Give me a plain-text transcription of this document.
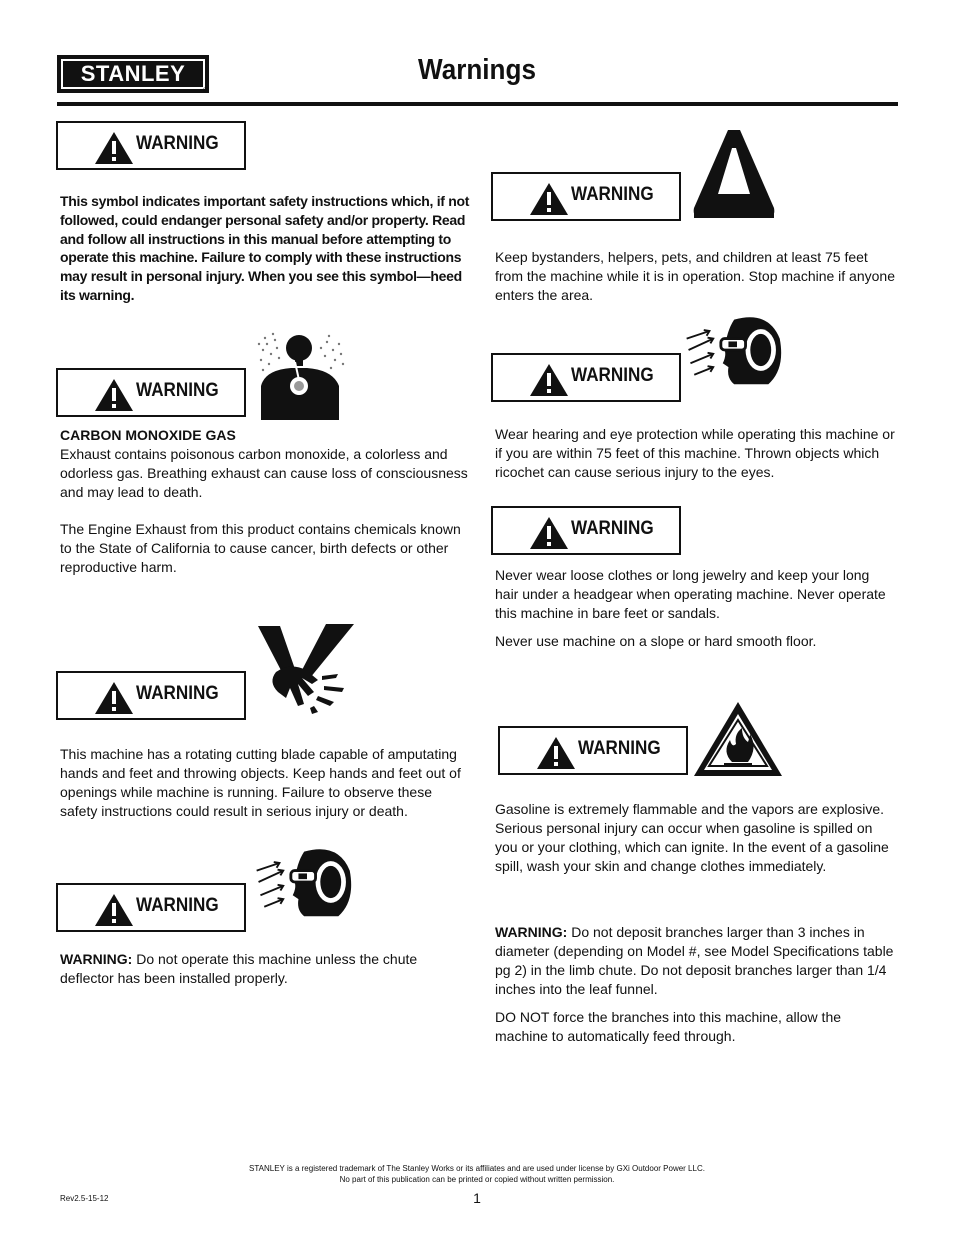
STANLEY
®
Warnings
WARNING
This symbol indicates important safety instructions which, if not followed, could endanger personal safety and/or property. Read and follow all instructions in this manual before attempting to operate this machine. Failure to comply with these instructions may result in personal injury. When you see this symbol—heed its warning.
WARNING
CARBON MONOXIDE GAS

Exhaust contains poisonous carbon monoxide, a colorless and odorless gas. Breathing exhaust can cause loss of consciousness and may lead to death.

The Engine Exhaust from this product contains chemicals known to the State of California to cause cancer, birth defects or other reproductive harm.

WARNING
This machine has a rotating cutting blade capable of amputating hands and feet and throwing objects. Keep hands and feet out of openings while machine is running. Failure to observe these safety instructions could result in serious injury or death.
WARNING
WARNING: Do not operate this machine unless the chute deflector has been installed properly.
WARNING
Keep bystanders, helpers, pets, and children at least 75 feet from the machine while it is in operation. Stop machine if anyone enters the area.
WARNING
Wear hearing and eye protection while operating this machine or if you are within 75 feet of this machine. Thrown objects which ricochet can cause serious injury to the eyes.
WARNING

Never wear loose clothes or long jewelry and keep your long hair under a headgear when operating machine. Never operate this machine in bare feet or sandals.

Never use machine on a slope or hard smooth floor.

WARNING
Gasoline is extremely flammable and the vapors are explosive. Serious personal injury can occur when gasoline is spilled on you or your clothing, which can ignite. In the event of a gasoline spill, wash your skin and change clothes immediately.

WARNING: Do not deposit branches larger than 3 inches in diameter (depending on Model #, see Model Specifications table pg 2) in the limb chute. Do not deposit branches larger than 1/4 inches into the leaf funnel.

DO NOT force the branches into this machine, allow the machine to automatically feed through.

STANLEY is a registered trademark of The Stanley Works or its affiliates and are used under license by GXi Outdoor Power LLC.
No part of this publication can be printed or copied without written permission.
1
Rev2.5-15-12
